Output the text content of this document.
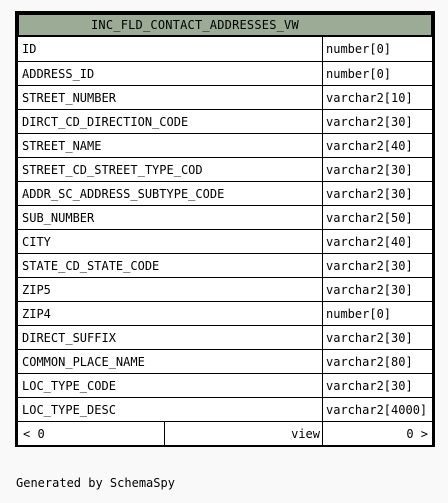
INC_FLD_CONTACT_ADDRESSES_VW
ID	number[0]
ADDRESS_ID	number[0]
STREET_NUMBER	varchar2[10]
DIRCT_CD_DIRECTION_CODE	varchar2[30]
STREET_NAME	varchar2[40]
STREET_CD_STREET_TYPE_COD	varchar2[30]
ADDR_SC_ADDRESS_SUBTYPE_CODE	varchar2[30]
SUB_NUMBER	varchar2[50]
CITY	varchar2[40]
STATE_CD_STATE_CODE	varchar2[30]
ZIP5	varchar2[30]
ZIP4	number[0]
DIRECT_SUFFIX	varchar2[30]
COMMON_PLACE_NAME	varchar2[80]
LOC_TYPE_CODE	varchar2[30]
LOC_TYPE_DESC	varchar2[4000]
< 0	view	0 >
Generated by SchemaSpy
